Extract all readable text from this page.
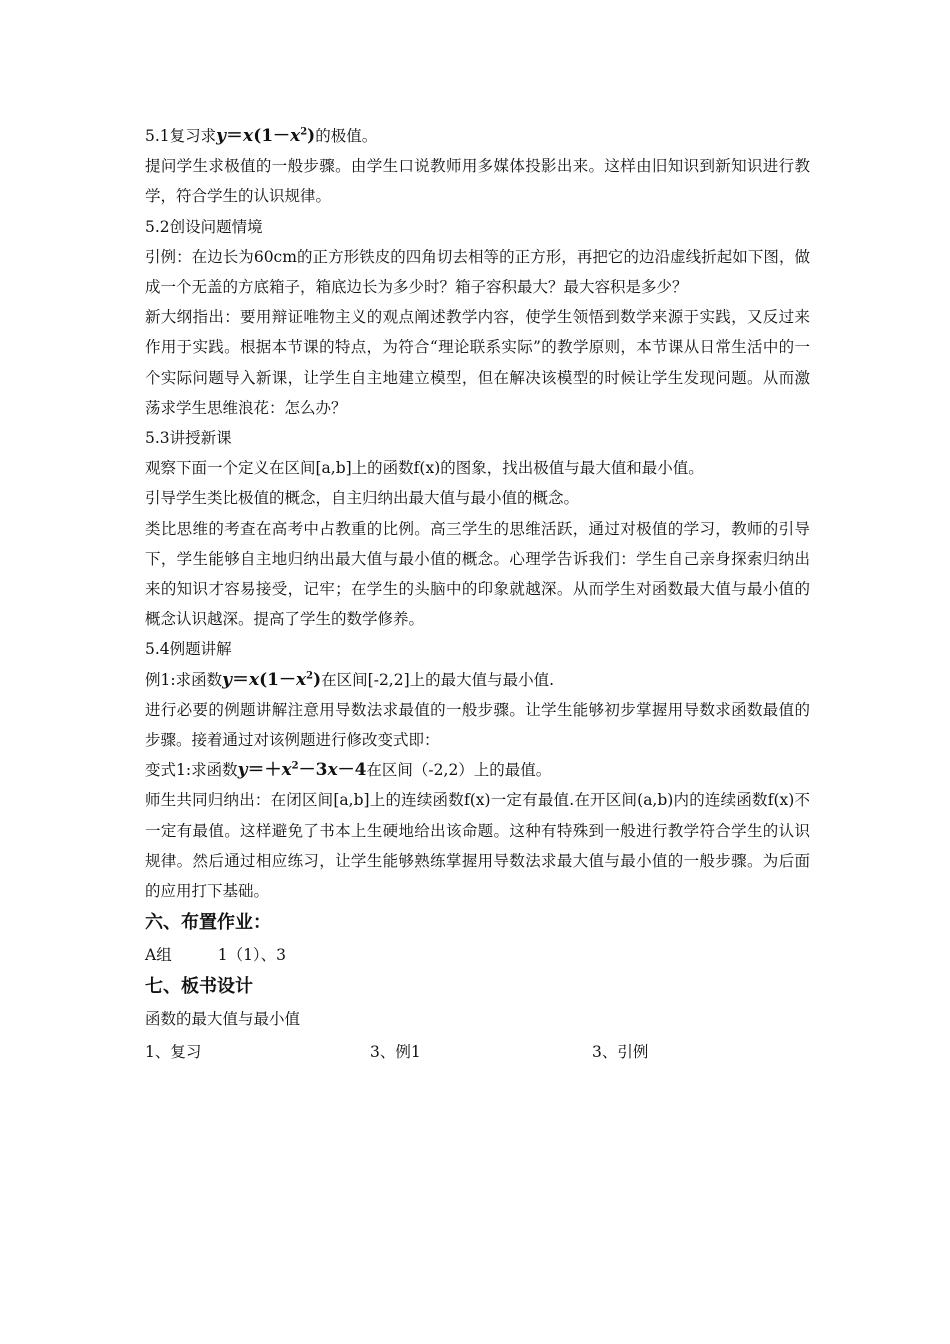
5.1复习求$y=x(1-x^2)$的极值。

提问学生求极值的一般步骤。由学生口说教师用多媒体投影出来。这样由旧知识到新知识进行教学，符合学生的认识规律。

5.2创设问题情境

引例：在边长为60cm的正方形铁皮的四角切去相等的正方形，再把它的边沿虚线折起如下图，做成一个无盖的方底箱子，箱底边长为多少时？箱子容积最大？最大容积是多少？

新大纲指出：要用辩证唯物主义的观点阐述教学内容，使学生领悟到数学来源于实践，又反过来作用于实践。根据本节课的特点，为符合“理论联系实际”的教学原则，本节课从日常生活中的一个实际问题导入新课，让学生自主地建立模型，但在解决该模型的时候让学生发现问题。从而激荡求学生思维浪花：怎么办？

5.3讲授新课

观察下面一个定义在区间[a,b]上的函数f(x)的图象，找出极值与最大值和最小值。

引导学生类比极值的概念，自主归纳出最大值与最小值的概念。

类比思维的考查在高考中占教重的比例。高三学生的思维活跃，通过对极值的学习，教师的引导下，学生能够自主地归纳出最大值与最小值的概念。心理学告诉我们：学生自己亲身探索归纳出来的知识才容易接受，记牢；在学生的头脑中的印象就越深。从而学生对函数最大值与最小值的概念认识越深。提高了学生的数学修养。

5.4例题讲解

例1:求函数$y=x(1-x^2)$在区间[-2,2]上的最大值与最小值.

进行必要的例题讲解注意用导数法求最值的一般步骤。让学生能够初步掌握用导数求函数最值的步骤。接着通过对该例题进行修改变式即：

变式1:求函数$y=+x^2-3x-4$在区间（-2,2）上的最值。

师生共同归纳出：在闭区间[a,b]上的连续函数f(x)一定有最值.在开区间(a,b)内的连续函数f(x)不一定有最值。这样避免了书本上生硬地给出该命题。这种有特殊到一般进行教学符合学生的认识规律。然后通过相应练习，让学生能够熟练掌握用导数法求最大值与最小值的一般步骤。为后面的应用打下基础。

六、布置作业：

A组	1（1）、3

七、板书设计

函数的最大值与最小值

1、复习	3、例1	3、引例
